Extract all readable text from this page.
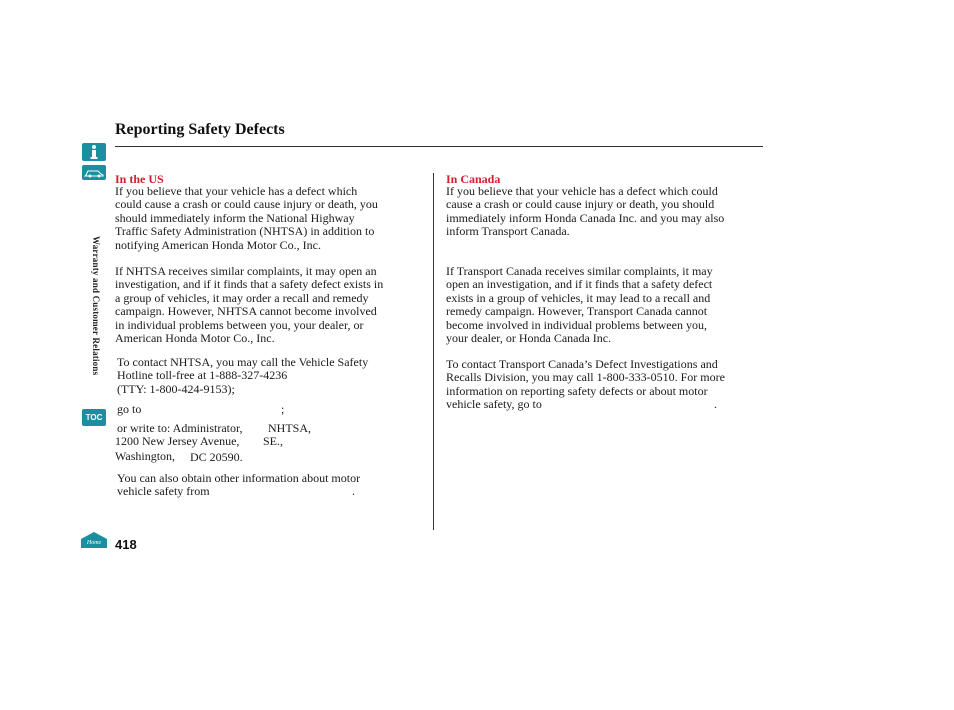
Warranty and Customer Relations
TOC
Home
Reporting Safety Defects
In the US
If you believe that your vehicle has a defect which
could cause a crash or could cause injury or death, you
should immediately inform the National Highway
Traffic Safety Administration (NHTSA) in addition to
notifying American Honda Motor Co., Inc.
If NHTSA receives similar complaints, it may open an
investigation, and if it finds that a safety defect exists in
a group of vehicles, it may order a recall and remedy
campaign. However, NHTSA cannot become involved
in individual problems between you, your dealer, or
American Honda Motor Co., Inc.
To contact NHTSA, you may call the Vehicle Safety
Hotline toll-free at 1-888-327-4236
(TTY: 1-800-424-9153);
go to	;
or write to: Administrator, NHTSA,
1200 New Jersey Avenue, SE.,
Washington, DC 20590.
You can also obtain other information about motor
vehicle safety from	.
In Canada
If you believe that your vehicle has a defect which could
cause a crash or could cause injury or death, you should
immediately inform Honda Canada Inc. and you may also
inform Transport Canada.
If Transport Canada receives similar complaints, it may
open an investigation, and if it finds that a safety defect
exists in a group of vehicles, it may lead to a recall and
remedy campaign. However, Transport Canada cannot
become involved in individual problems between you,
your dealer, or Honda Canada Inc.
To contact Transport Canada’s Defect Investigations and
Recalls Division, you may call 1-800-333-0510. For more
information on reporting safety defects or about motor
vehicle safety, go to	.
418
